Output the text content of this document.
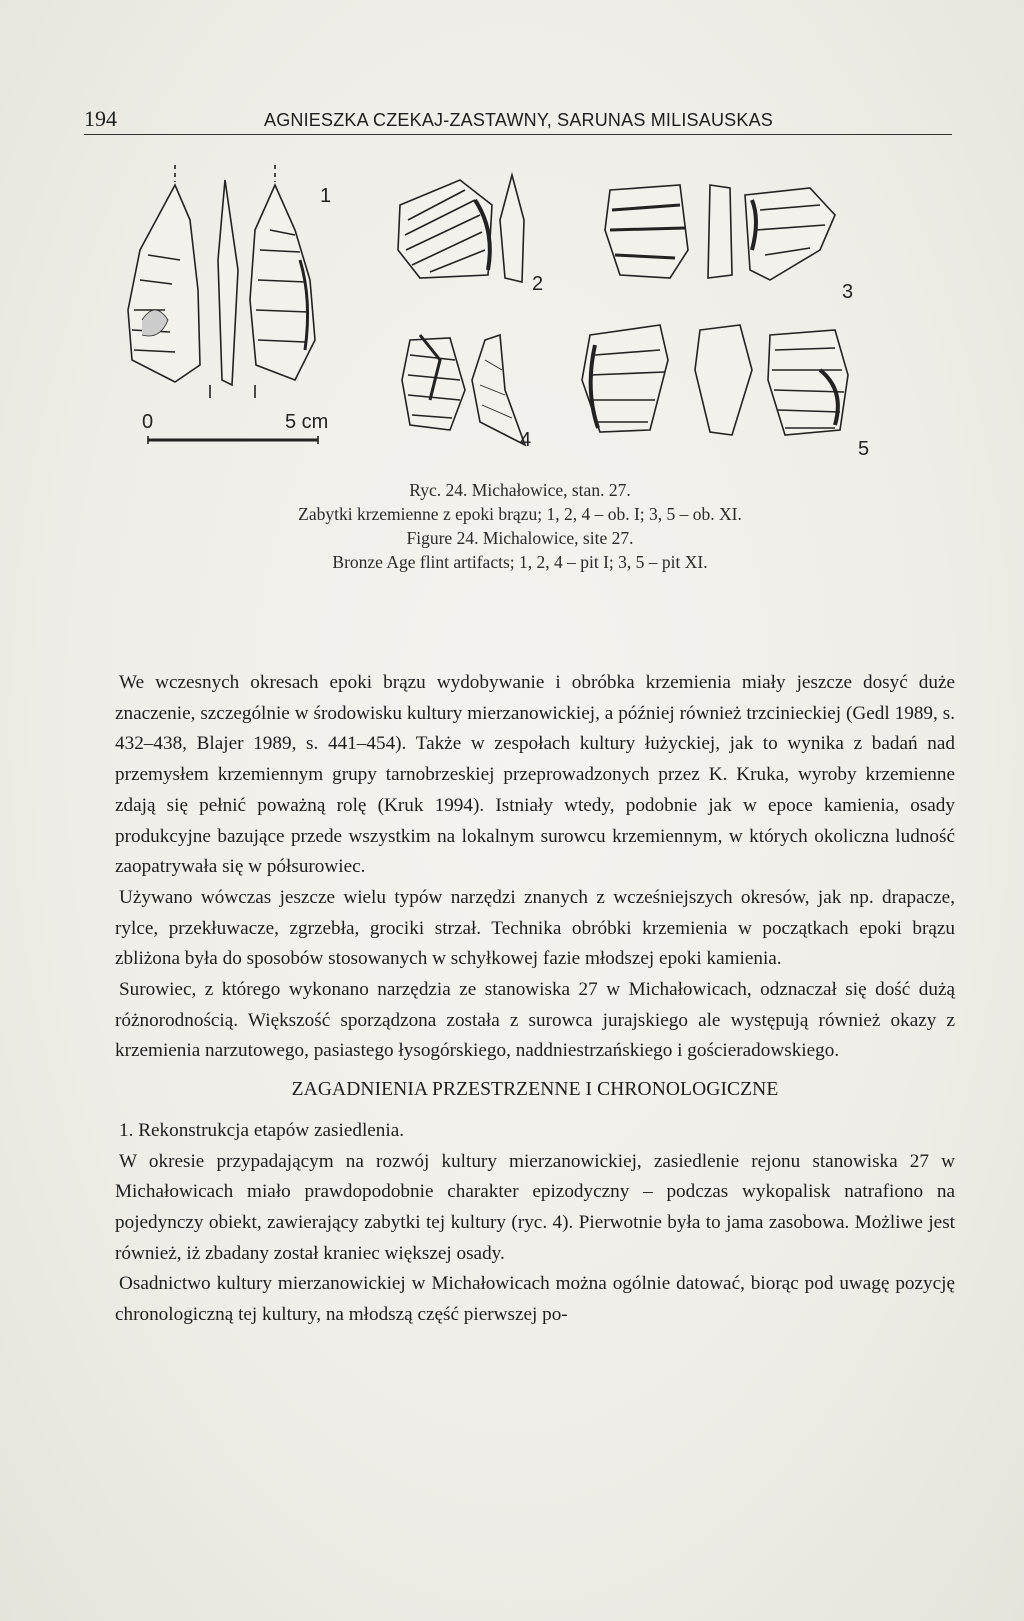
194	AGNIESZKA CZEKAJ-ZASTAWNY, SARUNAS MILISAUSKAS
1
2	3
4	5
0	5 cm
Ryc. 24. Michałowice, stan. 27.
Zabytki krzemienne z epoki brązu; 1, 2, 4 – ob. I; 3, 5 – ob. XI.
Figure 24. Michalowice, site 27.
Bronze Age flint artifacts; 1, 2, 4 – pit I; 3, 5 – pit XI.

We wczesnych okresach epoki brązu wydobywanie i obróbka krzemienia miały jeszcze dosyć duże znaczenie, szczególnie w środowisku kultury mierzanowickiej, a później również trzcinieckiej (Gedl 1989, s. 432–438, Blajer 1989, s. 441–454). Także w zespołach kultury łużyckiej, jak to wynika z badań nad przemysłem krzemiennym grupy tarnobrzeskiej przeprowadzonych przez K. Kruka, wyroby krzemienne zdają się pełnić poważną rolę (Kruk 1994). Istniały wtedy, podobnie jak w epoce kamienia, osady produkcyjne bazujące przede wszystkim na lokalnym surowcu krzemiennym, w których okoliczna ludność zaopatrywała się w półsurowiec.

Używano wówczas jeszcze wielu typów narzędzi znanych z wcześniejszych okresów, jak np. drapacze, rylce, przekłuwacze, zgrzebła, grociki strzał. Technika obróbki krzemienia w początkach epoki brązu zbliżona była do sposobów stosowanych w schyłkowej fazie młodszej epoki kamienia.

Surowiec, z którego wykonano narzędzia ze stanowiska 27 w Michałowicach, odznaczał się dość dużą różnorodnością. Większość sporządzona została z surowca jurajskiego ale występują również okazy z krzemienia narzutowego, pasiastego łysogórskiego, naddniestrzańskiego i gościeradowskiego.

ZAGADNIENIA PRZESTRZENNE I CHRONOLOGICZNE

1. Rekonstrukcja etapów zasiedlenia.

W okresie przypadającym na rozwój kultury mierzanowickiej, zasiedlenie rejonu stanowiska 27 w Michałowicach miało prawdopodobnie charakter epizodyczny – podczas wykopalisk natrafiono na pojedynczy obiekt, zawierający zabytki tej kultury (ryc. 4). Pierwotnie była to jama zasobowa. Możliwe jest również, iż zbadany został kraniec większej osady.

Osadnictwo kultury mierzanowickiej w Michałowicach można ogólnie datować, biorąc pod uwagę pozycję chronologiczną tej kultury, na młodszą część pierwszej po-
